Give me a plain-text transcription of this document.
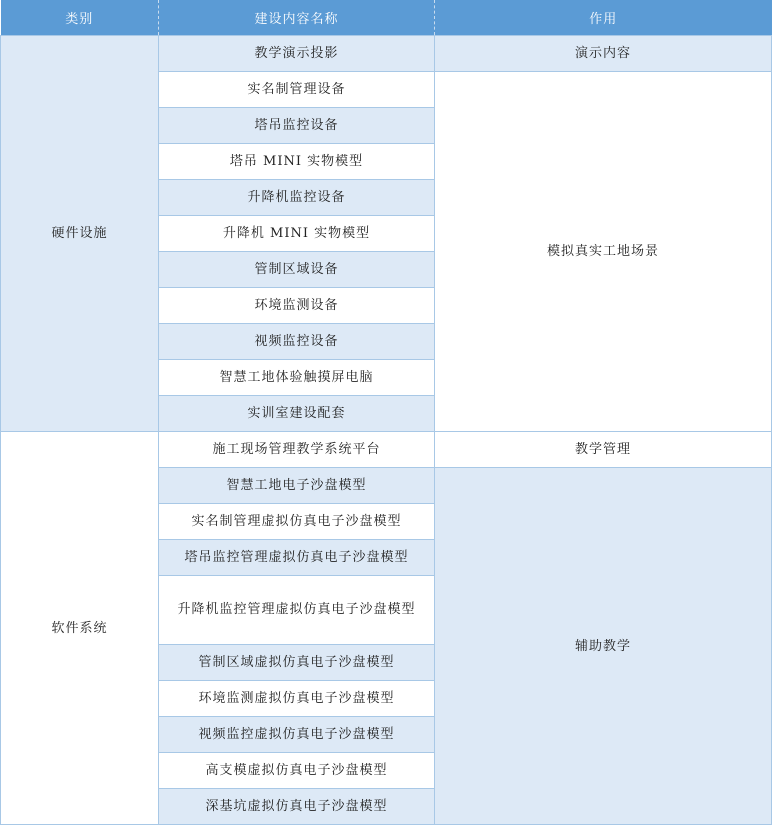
类别	建设内容名称	作用
硬件设施	教学演示投影	演示内容
	实名制管理设备	模拟真实工地场景
	塔吊监控设备	
	塔吊 MINI 实物模型	
	升降机监控设备	
	升降机 MINI 实物模型	
	管制区域设备	
	环境监测设备	
	视频监控设备	
	智慧工地体验触摸屏电脑	
	实训室建设配套	
软件系统	施工现场管理教学系统平台	教学管理
	智慧工地电子沙盘模型	辅助教学
	实名制管理虚拟仿真电子沙盘模型	
	塔吊监控管理虚拟仿真电子沙盘模型	
	升降机监控管理虚拟仿真电子沙盘模型	
	管制区域虚拟仿真电子沙盘模型	
	环境监测虚拟仿真电子沙盘模型	
	视频监控虚拟仿真电子沙盘模型	
	高支模虚拟仿真电子沙盘模型	
	深基坑虚拟仿真电子沙盘模型	
